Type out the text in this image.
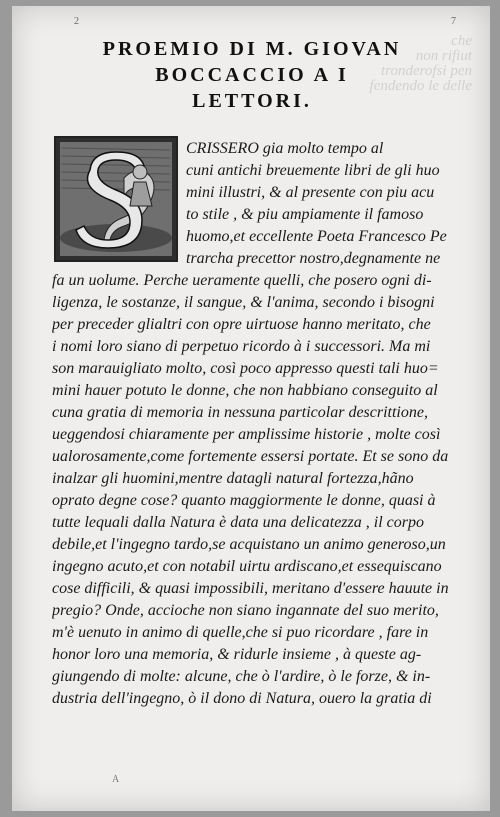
che
non rifiut
tronderofsi pen
fendendo le delle
2	7
PROEMIO DI M. GIOVAN
BOCCACCIO A I
LETTORI.
CRISSERO gia molto tempo al
cuni antichi breuemente libri de gli huo
mini illustri, & al presente con piu acu
to stile , & piu ampiamente il famoso
huomo,et eccellente Poeta Francesco Pe
trarcha precettor nostro,degnamente ne
fa un uolume. Perche ueramente quelli, che posero ogni di-
ligenza, le sostanze, il sangue, & l'anima, secondo i bisogni
per preceder glialtri con opre uirtuose hanno meritato, che
i nomi loro siano di perpetuo ricordo à i successori. Ma mi
son marauigliato molto, così poco appresso questi tali huo=
mini hauer potuto le donne, che non habbiano conseguito al
cuna gratia di memoria in nessuna particolar descrittione,
ueggendosi chiaramente per amplissime historie , molte così
ualorosamente,come fortemente essersi portate. Et se sono da
inalzar gli huomini,mentre datagli natural fortezza,hãno
oprato degne cose? quanto maggiormente le donne, quasi à
tutte lequali dalla Natura è data una delicatezza , il corpo
debile,et l'ingegno tardo,se acquistano un animo generoso,un
ingegno acuto,et con notabil uirtu ardiscano,et essequiscano
cose difficili, & quasi impossibili, meritano d'essere hauute in
pregio? Onde, accioche non siano ingannate del suo merito,
m'è uenuto in animo di quelle,che si puo ricordare , fare in
honor loro una memoria, & ridurle insieme , à queste ag-
giungendo di molte: alcune, che ò l'ardire, ò le forze, & in-
dustria dell'ingegno, ò il dono di Natura, ouero la gratia di
A
